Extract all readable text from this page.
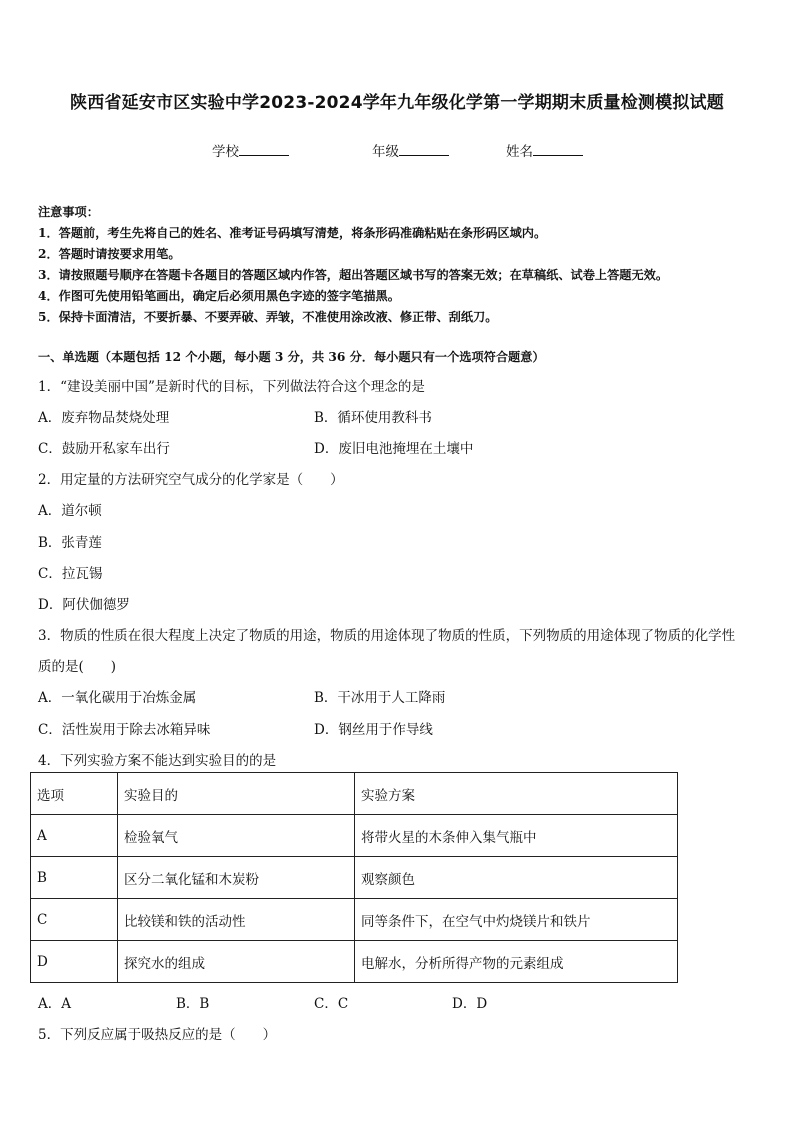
陕西省延安市区实验中学2023-2024学年九年级化学第一学期期末质量检测模拟试题
学校	年级	姓名
注意事项：
1．答题前，考生先将自己的姓名、准考证号码填写清楚，将条形码准确粘贴在条形码区域内。
2．答题时请按要求用笔。
3．请按照题号顺序在答题卡各题目的答题区域内作答，超出答题区域书写的答案无效；在草稿纸、试卷上答题无效。
4．作图可先使用铅笔画出，确定后必须用黑色字迹的签字笔描黑。
5．保持卡面清洁，不要折暴、不要弄破、弄皱，不准使用涂改液、修正带、刮纸刀。
一、单选题（本题包括 12 个小题，每小题 3 分，共 36 分．每小题只有一个选项符合题意）
1．“建设美丽中国”是新时代的目标，下列做法符合这个理念的是
A．废弃物品焚烧处理	B．循环使用教科书
C．鼓励开私家车出行	D．废旧电池掩埋在土壤中
2．用定量的方法研究空气成分的化学家是（　　）
A．道尔顿
B．张青莲
C．拉瓦锡
D．阿伏伽德罗
3．物质的性质在很大程度上决定了物质的用途，物质的用途体现了物质的性质，下列物质的用途体现了物质的化学性
质的是(　　)
A．一氧化碳用于冶炼金属	B．干冰用于人工降雨
C．活性炭用于除去冰箱异味	D．钢丝用于作导线
4．下列实验方案不能达到实验目的的是
选项	实验目的	实验方案
A	检验氧气	将带火星的木条伸入集气瓶中
B	区分二氧化锰和木炭粉	观察颜色
C	比较镁和铁的活动性	同等条件下，在空气中灼烧镁片和铁片
D	探究水的组成	电解水，分析所得产物的元素组成
A．A	B．B	C．C	D．D
5．下列反应属于吸热反应的是（　　）
